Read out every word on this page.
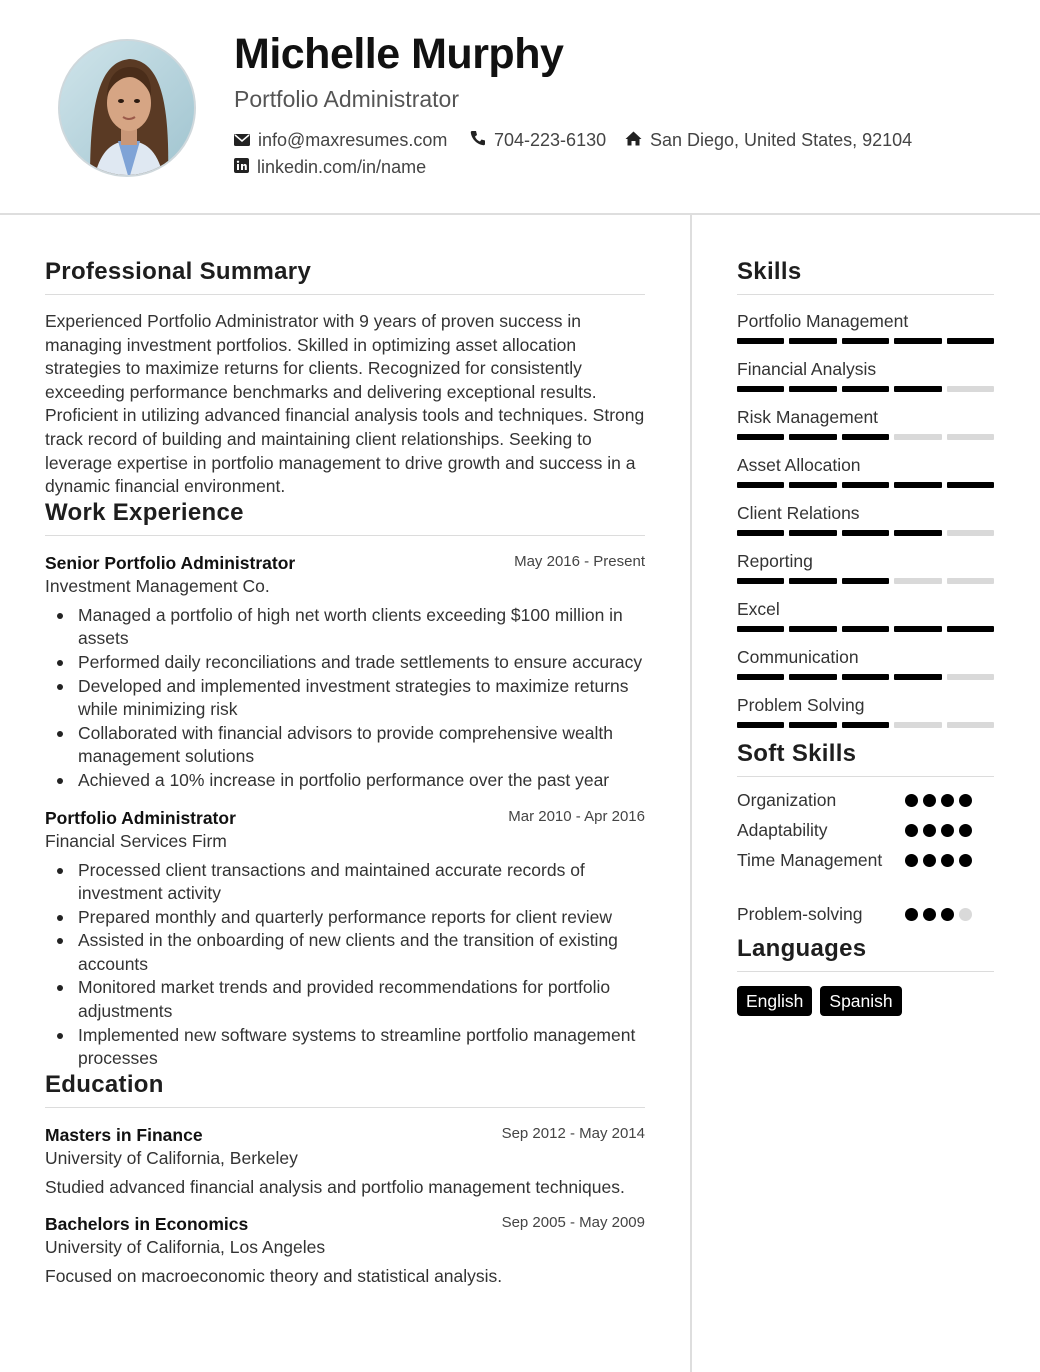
Michelle Murphy
Portfolio Administrator
info@maxresumes.com	704-223-6130 San Diego, United States, 92104
linkedin.com/in/name
Professional Summary
Experienced Portfolio Administrator with 9 years of proven success in managing investment portfolios. Skilled in optimizing asset allocation strategies to maximize returns for clients. Recognized for consistently exceeding performance benchmarks and delivering exceptional results. Proficient in utilizing advanced financial analysis tools and techniques. Strong track record of building and maintaining client relationships. Seeking to leverage expertise in portfolio management to drive growth and success in a dynamic financial environment.
Work Experience
Senior Portfolio Administrator	May 2016 - Present
Investment Management Co.
Managed a portfolio of high net worth clients exceeding $100 million in assets
Performed daily reconciliations and trade settlements to ensure accuracy
Developed and implemented investment strategies to maximize returns while minimizing risk
Collaborated with financial advisors to provide comprehensive wealth management solutions
Achieved a 10% increase in portfolio performance over the past year
Portfolio Administrator	Mar 2010 - Apr 2016
Financial Services Firm
Processed client transactions and maintained accurate records of investment activity
Prepared monthly and quarterly performance reports for client review
Assisted in the onboarding of new clients and the transition of existing accounts
Monitored market trends and provided recommendations for portfolio adjustments
Implemented new software systems to streamline portfolio management processes
Education
Masters in Finance	Sep 2012 - May 2014
University of California, Berkeley
Studied advanced financial analysis and portfolio management techniques.
Bachelors in Economics	Sep 2005 - May 2009
University of California, Los Angeles
Focused on macroeconomic theory and statistical analysis.
Skills
Portfolio Management
Financial Analysis
Risk Management
Asset Allocation
Client Relations
Reporting
Excel
Communication
Problem Solving
Soft Skills
Organization
Adaptability
Time Management
Problem-solving
Languages
English	Spanish
